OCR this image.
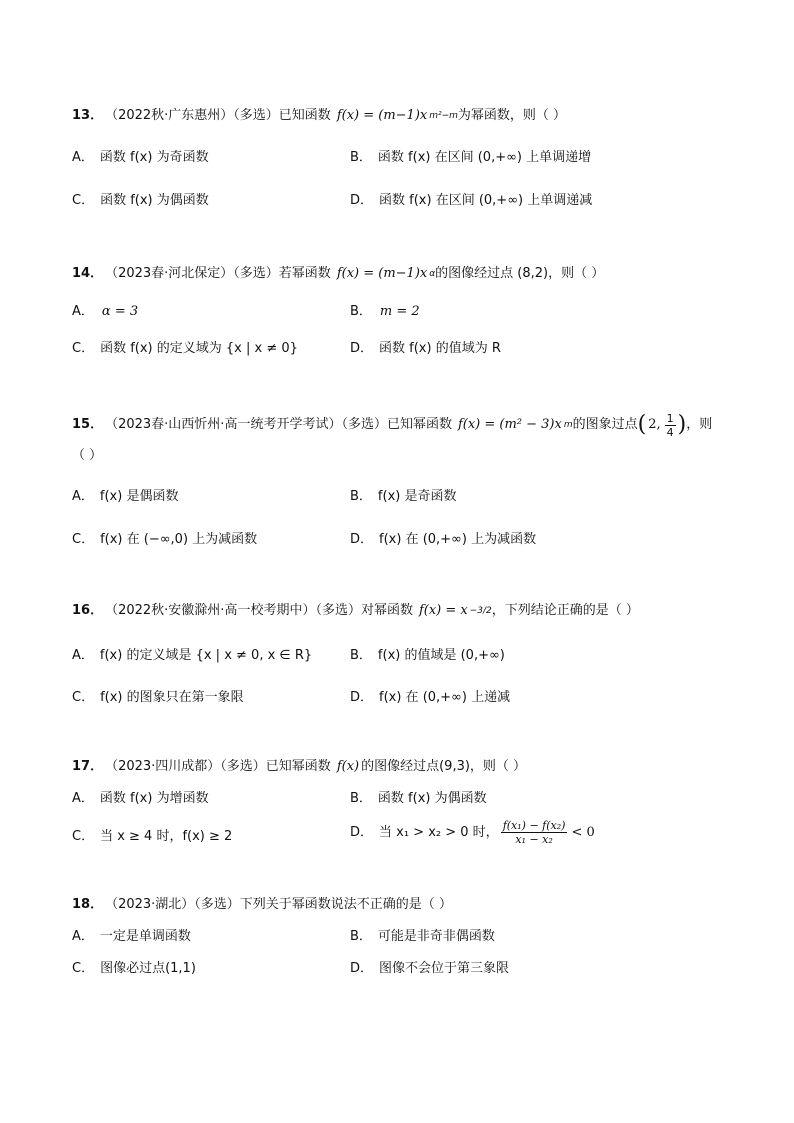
13． （2022秋·广东惠州）（多选）已知函数 f(x) = (m−1)x m²−m 为幂函数，则（ ）
A． 函数 f(x) 为奇函数	B． 函数 f(x) 在区间 (0,+∞) 上单调递增
C． 函数 f(x) 为偶函数	D． 函数 f(x) 在区间 (0,+∞) 上单调递减
14． （2023春·河北保定）（多选）若幂函数 f(x) = (m−1)x α 的图像经过点 (8,2)，则（ ）
A． α = 3	B． m = 2
C． 函数 f(x) 的定义域为 {x | x ≠ 0}	D． 函数 f(x) 的值域为 R
15． （2023春·山西忻州·高一统考开学考试）（多选）已知幂函数 f(x) = (m² − 3)x m 的图象过点 ( 2, $\frac{1}{4}$ ) ，则
（ ）
A． f(x) 是偶函数	B． f(x) 是奇函数
C． f(x) 在 (−∞,0) 上为减函数	D． f(x) 在 (0,+∞) 上为减函数
16． （2022秋·安徽滁州·高一校考期中）（多选）对幂函数 f(x) = x −3/2 ，下列结论正确的是（ ）
A． f(x) 的定义域是 {x | x ≠ 0, x ∈ R}	B． f(x) 的值域是 (0,+∞)
C． f(x) 的图象只在第一象限	D． f(x) 在 (0,+∞) 上递减
17． （2023·四川成都）（多选）已知幂函数 f(x) 的图像经过点(9,3)，则（ ）
A． 函数 f(x) 为增函数	B． 函数 f(x) 为偶函数
C． 当 x ≥ 4 时，f(x) ≥ 2	D． 当 x₁ > x₂ > 0 时， $\frac{\text{f(x₁) − f(x₂)}}{\text{x₁ − x₂}} < 0$
18． （2023·湖北）（多选）下列关于幂函数说法不正确的是（ ）
A． 一定是单调函数	B． 可能是非奇非偶函数
C． 图像必过点(1,1)	D． 图像不会位于第三象限
